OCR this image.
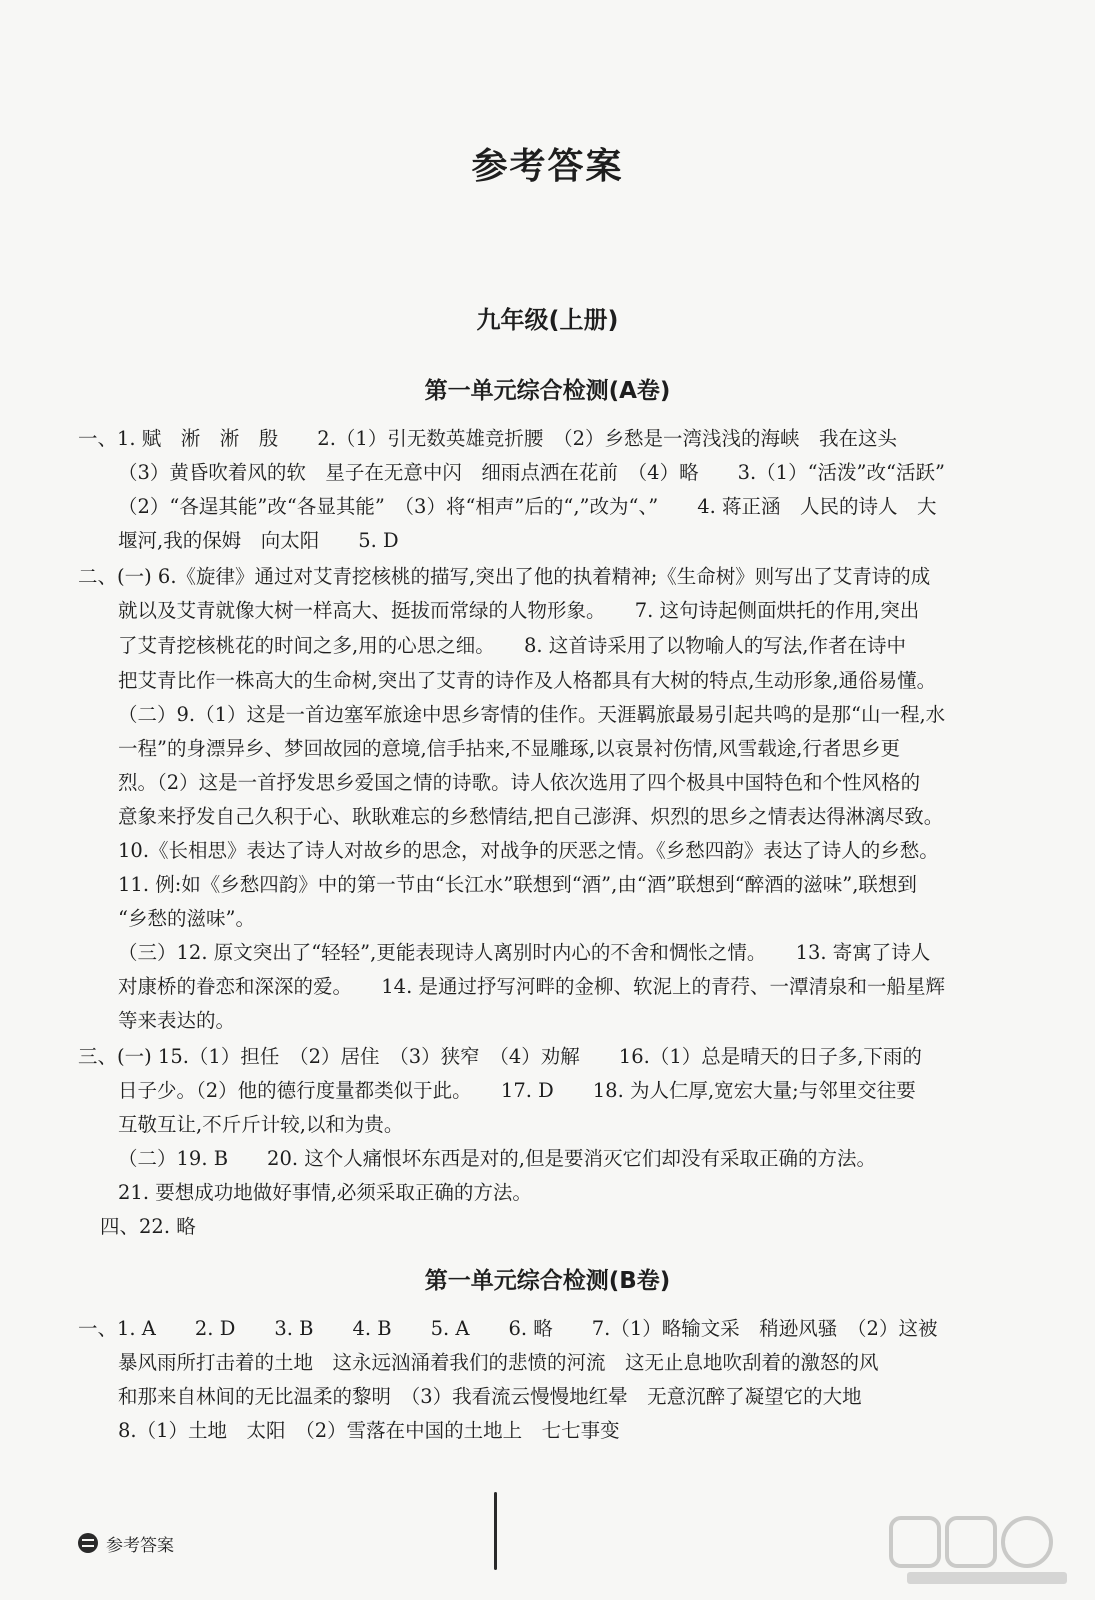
参考答案
九年级(上册)
第一单元综合检测(A卷)
一、1. 赋　淅　淅　殷　　2.（1）引无数英雄竞折腰　（2）乡愁是一湾浅浅的海峡　我在这头
（3）黄昏吹着风的软　星子在无意中闪　细雨点洒在花前　（4）略　　3.（1）“活泼”改“活跃”
（2）“各逞其能”改“各显其能”　（3）将“相声”后的“,”改为“、”　　4. 蒋正涵　人民的诗人　大
堰河,我的保姆　向太阳　　5. D
二、(一) 6.《旋律》通过对艾青挖核桃的描写,突出了他的执着精神;《生命树》则写出了艾青诗的成
就以及艾青就像大树一样高大、挺拔而常绿的人物形象。　　7. 这句诗起侧面烘托的作用,突出
了艾青挖核桃花的时间之多,用的心思之细。　　8. 这首诗采用了以物喻人的写法,作者在诗中
把艾青比作一株高大的生命树,突出了艾青的诗作及人格都具有大树的特点,生动形象,通俗易懂。
（二）9.（1）这是一首边塞军旅途中思乡寄情的佳作。天涯羁旅最易引起共鸣的是那“山一程,水
一程”的身漂异乡、梦回故园的意境,信手拈来,不显雕琢,以哀景衬伤情,风雪载途,行者思乡更
烈。（2）这是一首抒发思乡爱国之情的诗歌。诗人依次选用了四个极具中国特色和个性风格的
意象来抒发自己久积于心、耿耿难忘的乡愁情结,把自己澎湃、炽烈的思乡之情表达得淋漓尽致。
10.《长相思》表达了诗人对故乡的思念，对战争的厌恶之情。《乡愁四韵》表达了诗人的乡愁。
11. 例:如《乡愁四韵》中的第一节由“长江水”联想到“酒”,由“酒”联想到“醉酒的滋味”,联想到
“乡愁的滋味”。
（三）12. 原文突出了“轻轻”,更能表现诗人离别时内心的不舍和惆怅之情。　　13. 寄寓了诗人
对康桥的眷恋和深深的爱。　　14. 是通过抒写河畔的金柳、软泥上的青荇、一潭清泉和一船星辉
等来表达的。
三、(一) 15.（1）担任　（2）居住　（3）狭窄　（4）劝解　　16.（1）总是晴天的日子多,下雨的
日子少。（2）他的德行度量都类似于此。　　17. D　　18. 为人仁厚,宽宏大量;与邻里交往要
互敬互让,不斤斤计较,以和为贵。
（二）19. B　　20. 这个人痛恨坏东西是对的,但是要消灭它们却没有采取正确的方法。
21. 要想成功地做好事情,必须采取正确的方法。
四、22. 略
第一单元综合检测(B卷)
一、1. A　　2. D　　3. B　　4. B　　5. A　　6. 略　　7.（1）略输文采　稍逊风骚　（2）这被
暴风雨所打击着的土地　这永远汹涌着我们的悲愤的河流　这无止息地吹刮着的激怒的风
和那来自林间的无比温柔的黎明　（3）我看流云慢慢地红晕　无意沉醉了凝望它的大地
8.（1）土地　太阳　（2）雪落在中国的土地上　七七事变
参考答案
